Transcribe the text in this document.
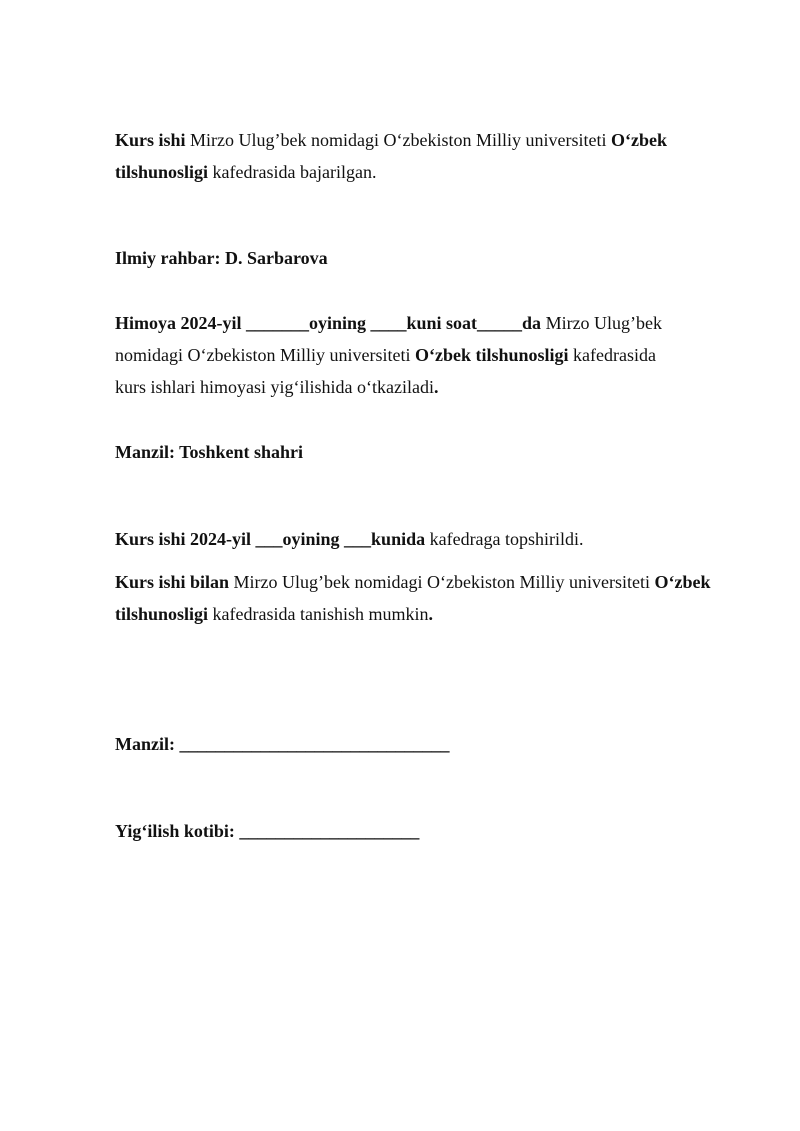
Kurs ishi Mirzo Ulug’bek nomidagi O‘zbekiston Milliy universiteti O‘zbek tilshunosligi kafedrasida bajarilgan.

Ilmiy rahbar: D. Sarbarova

Himoya 2024-yil _______oyining ____kuni soat_____da Mirzo Ulug’bek nomidagi O‘zbekiston Milliy universiteti O‘zbek tilshunosligi kafedrasida kurs ishlari himoyasi yig‘ilishida o‘tkaziladi.

Manzil: Toshkent shahri

Kurs ishi 2024-yil ___oyining ___kunida kafedraga topshirildi.

Kurs ishi bilan Mirzo Ulug’bek nomidagi O‘zbekiston Milliy universiteti O‘zbek tilshunosligi kafedrasida tanishish mumkin.

Manzil: ______________________________

Yig‘ilish kotibi: ____________________
